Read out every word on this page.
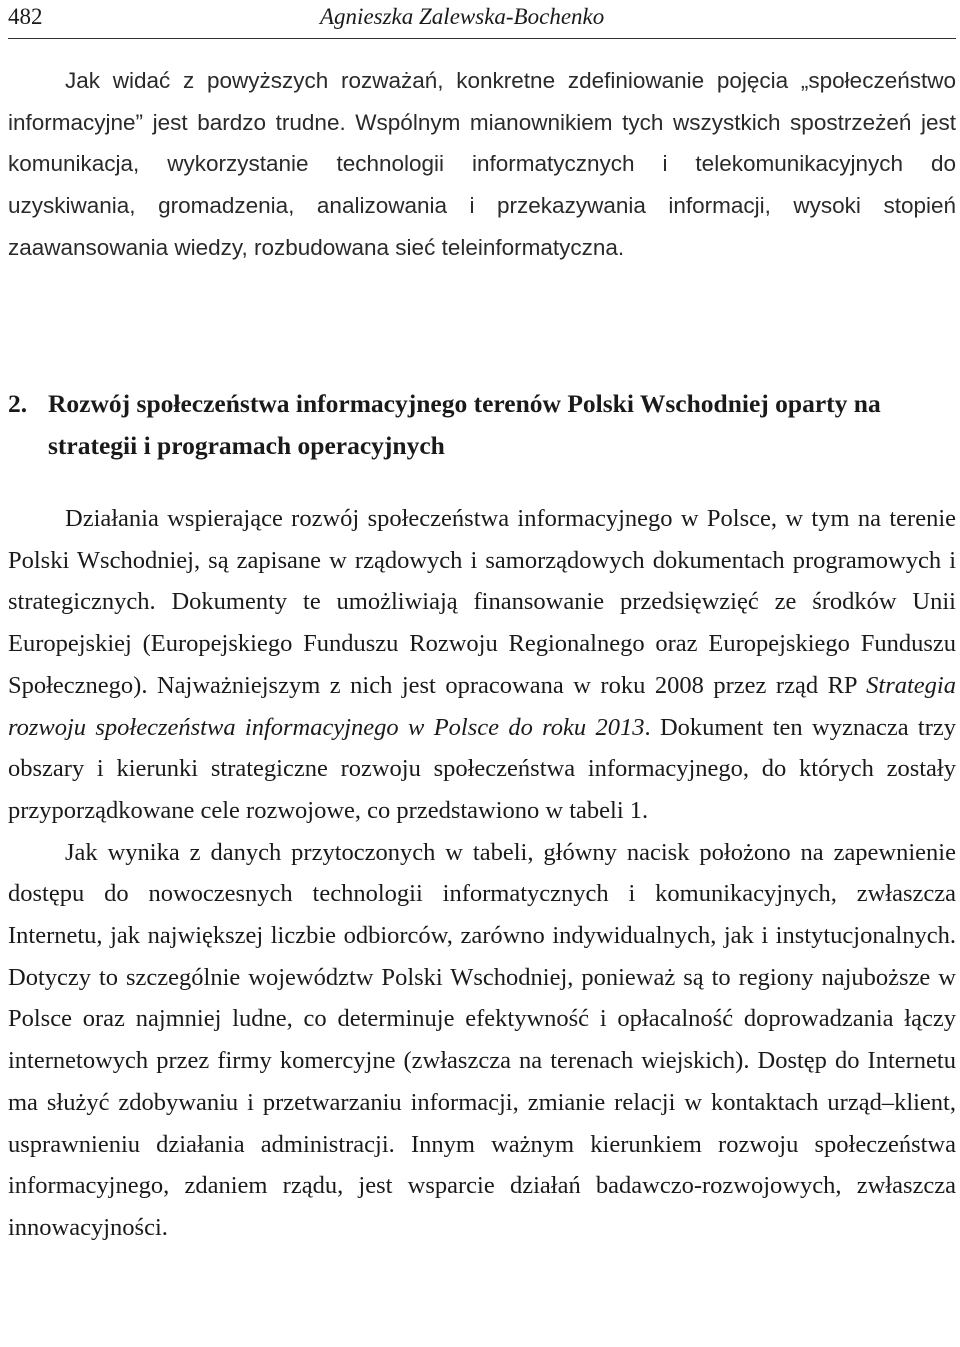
482	Agnieszka Zalewska-Bochenko

Jak widać z powyższych rozważań, konkretne zdefiniowanie pojęcia „społeczeństwo informacyjne” jest bardzo trudne. Wspólnym mianownikiem tych wszystkich spostrzeżeń jest komunikacja, wykorzystanie technologii informatycznych i telekomunikacyjnych do uzyskiwania, gromadzenia, analizowania i przekazywania informacji, wysoki stopień zaawansowania wiedzy, rozbudowana sieć teleinformatyczna.

2. Rozwój społeczeństwa informacyjnego terenów Polski Wschodniej oparty na strategii i programach operacyjnych

Działania wspierające rozwój społeczeństwa informacyjnego w Polsce, w tym na terenie Polski Wschodniej, są zapisane w rządowych i samorządowych dokumentach programowych i strategicznych. Dokumenty te umożliwiają finansowanie przedsięwzięć ze środków Unii Europejskiej (Europejskiego Funduszu Rozwoju Regionalnego oraz Europejskiego Funduszu Społecznego). Najważniejszym z nich jest opracowana w roku 2008 przez rząd RP Strategia rozwoju społeczeństwa informacyjnego w Polsce do roku 2013. Dokument ten wyznacza trzy obszary i kierunki strategiczne rozwoju społeczeństwa informacyjnego, do których zostały przyporządkowane cele rozwojowe, co przedstawiono w tabeli 1.

Jak wynika z danych przytoczonych w tabeli, główny nacisk położono na zapewnienie dostępu do nowoczesnych technologii informatycznych i komunikacyjnych, zwłaszcza Internetu, jak największej liczbie odbiorców, zarówno indywidualnych, jak i instytucjonalnych. Dotyczy to szczególnie województw Polski Wschodniej, ponieważ są to regiony najuboższe w Polsce oraz najmniej ludne, co determinuje efektywność i opłacalność doprowadzania łączy internetowych przez firmy komercyjne (zwłaszcza na terenach wiejskich). Dostęp do Internetu ma służyć zdobywaniu i przetwarzaniu informacji, zmianie relacji w kontaktach urząd–klient, usprawnieniu działania administracji. Innym ważnym kierunkiem rozwoju społeczeństwa informacyjnego, zdaniem rządu, jest wsparcie działań badawczo-rozwojowych, zwłaszcza innowacyjności.
